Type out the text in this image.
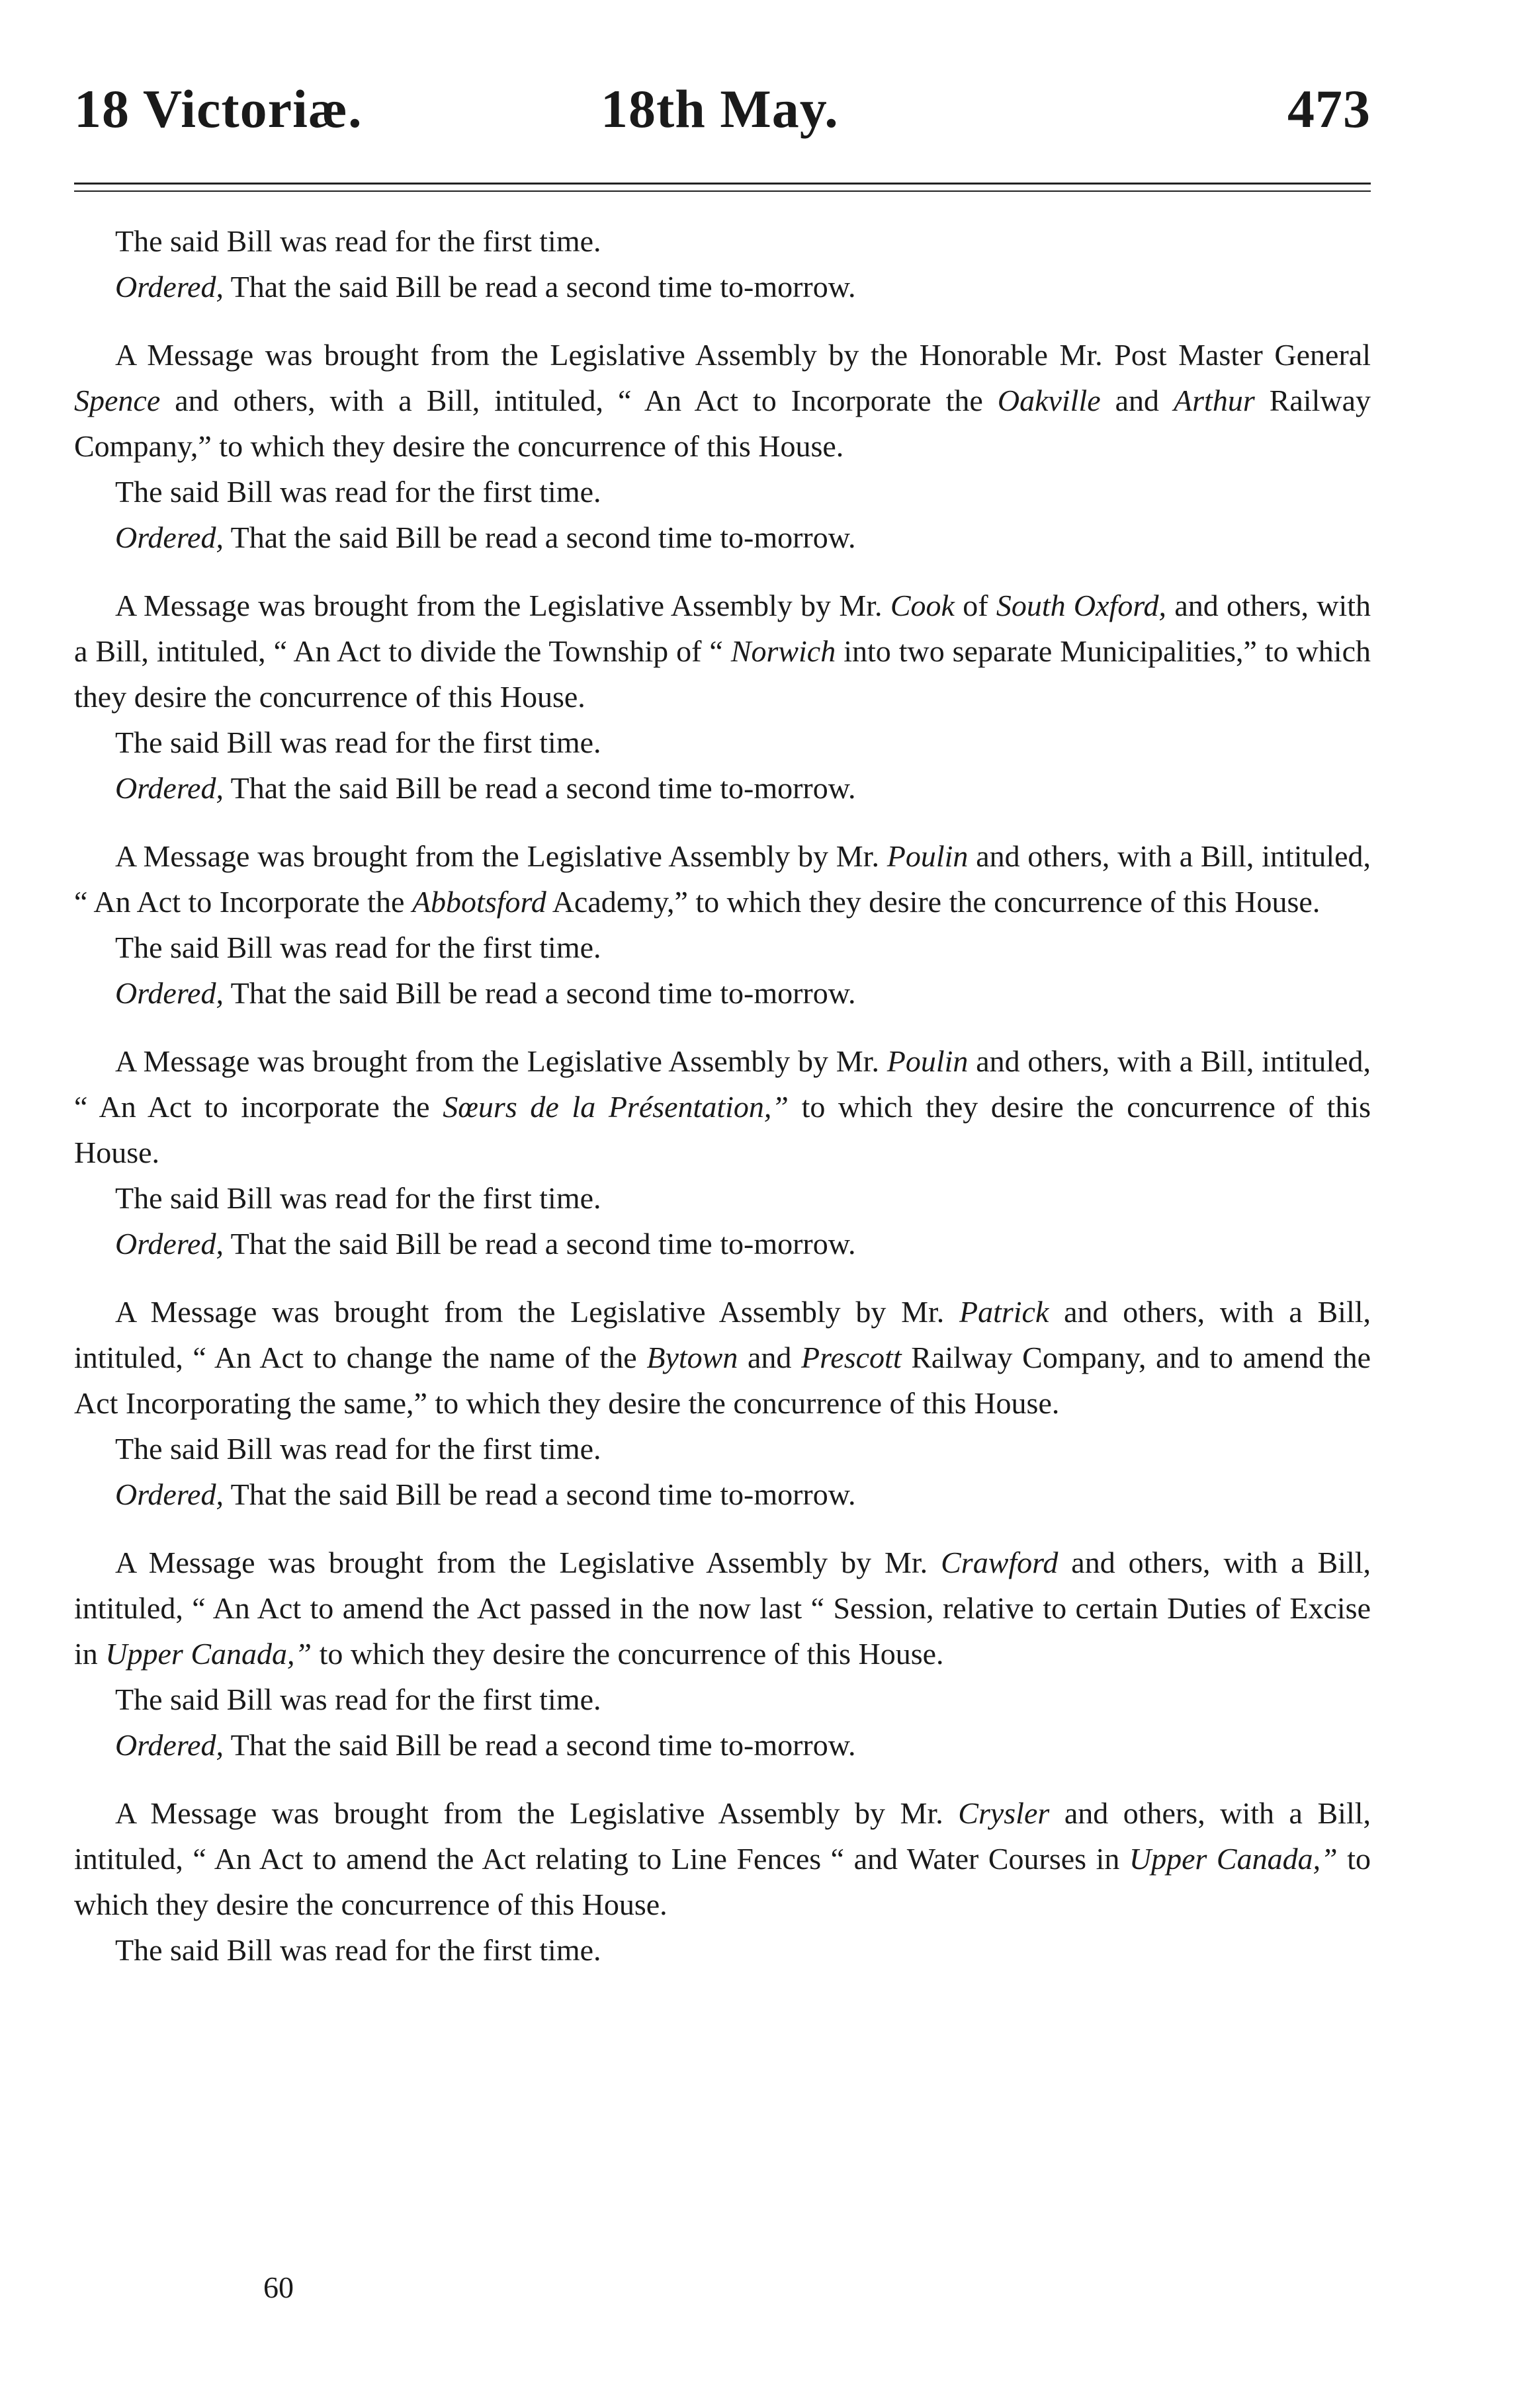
18 Victoriæ.	18th May.	473

The said Bill was read for the first time.

Ordered, That the said Bill be read a second time to-morrow.

A Message was brought from the Legislative Assembly by the Honorable Mr. Post Master General Spence and others, with a Bill, intituled, “ An Act to Incorporate the Oakville and Arthur Railway Company,” to which they desire the concurrence of this House.

The said Bill was read for the first time.

Ordered, That the said Bill be read a second time to-morrow.

A Message was brought from the Legislative Assembly by Mr. Cook of South Oxford, and others, with a Bill, intituled, “ An Act to divide the Township of “ Norwich into two separate Municipalities,” to which they desire the concurrence of this House.

The said Bill was read for the first time.

Ordered, That the said Bill be read a second time to-morrow.

A Message was brought from the Legislative Assembly by Mr. Poulin and others, with a Bill, intituled, “ An Act to Incorporate the Abbotsford Academy,” to which they desire the concurrence of this House.

The said Bill was read for the first time.

Ordered, That the said Bill be read a second time to-morrow.

A Message was brought from the Legislative Assembly by Mr. Poulin and others, with a Bill, intituled, “ An Act to incorporate the Sœurs de la Présentation,” to which they desire the concurrence of this House.

The said Bill was read for the first time.

Ordered, That the said Bill be read a second time to-morrow.

A Message was brought from the Legislative Assembly by Mr. Patrick and others, with a Bill, intituled, “ An Act to change the name of the Bytown and Prescott Railway Company, and to amend the Act Incorporating the same,” to which they desire the concurrence of this House.

The said Bill was read for the first time.

Ordered, That the said Bill be read a second time to-morrow.

A Message was brought from the Legislative Assembly by Mr. Crawford and others, with a Bill, intituled, “ An Act to amend the Act passed in the now last “ Session, relative to certain Duties of Excise in Upper Canada,” to which they desire the concurrence of this House.

The said Bill was read for the first time.

Ordered, That the said Bill be read a second time to-morrow.

A Message was brought from the Legislative Assembly by Mr. Crysler and others, with a Bill, intituled, “ An Act to amend the Act relating to Line Fences “ and Water Courses in Upper Canada,” to which they desire the concurrence of this House.

The said Bill was read for the first time.

60
